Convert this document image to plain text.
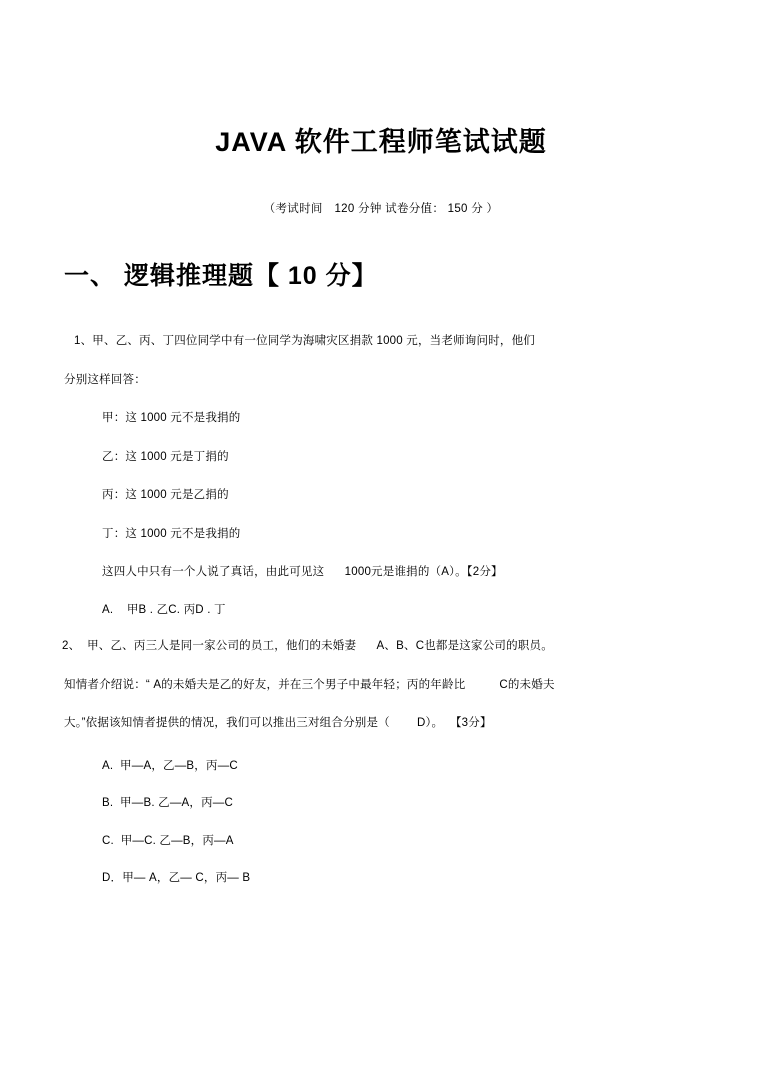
JAVA 软件工程师笔试试题
（考试时间　120 分钟 试卷分值： 150 分 ）
一、 逻辑推理题【 10 分】
1、甲、乙、丙、丁四位同学中有一位同学为海啸灾区捐款 1000 元，当老师询问时，他们
分别这样回答：
甲：这 1000 元不是我捐的
乙：这 1000 元是丁捐的
丙：这 1000 元是乙捐的
丁：这 1000 元不是我捐的
这四人中只有一个人说了真话，由此可见这      1000元是谁捐的（A）。【2分】
A.    甲B . 乙C. 丙D . 丁
2、  甲、乙、丙三人是同一家公司的员工，他们的未婚妻      A、B、C也都是这家公司的职员。
知情者介绍说：“ A的未婚夫是乙的好友，并在三个男子中最年轻；丙的年龄比          C的未婚夫
大。”依据该知情者提供的情况，我们可以推出三对组合分别是（        D）。  【3分】
A.  甲—A，乙—B，丙—C
B.  甲—B. 乙—A，丙—C
C.  甲—C. 乙—B，丙—A
D．甲— A，乙— C，丙— B
